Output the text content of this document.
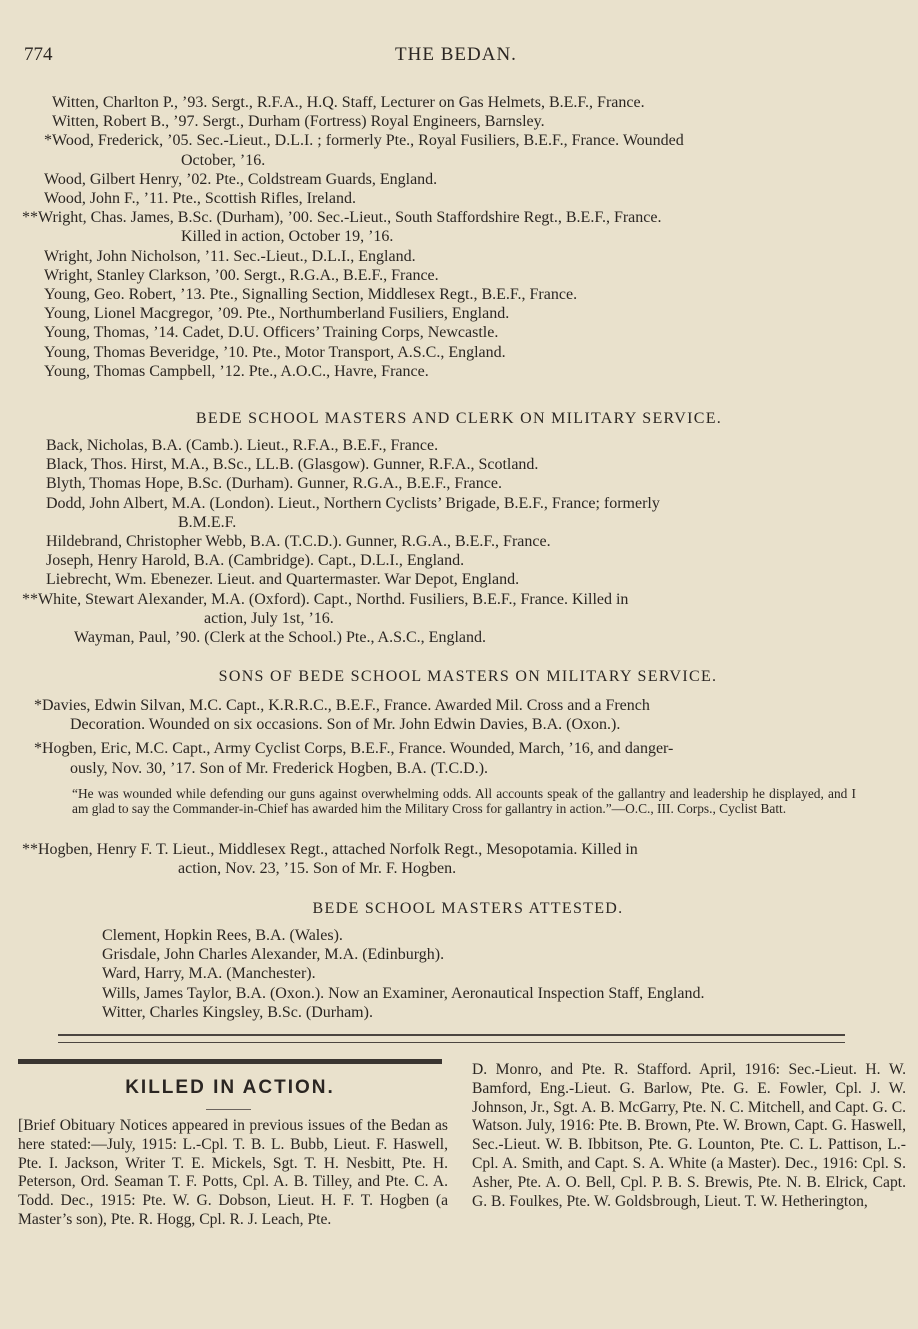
774	THE BEDAN.
Witten, Charlton P., ’93. Sergt., R.F.A., H.Q. Staff, Lecturer on Gas Helmets, B.E.F., France.
Witten, Robert B., ’97. Sergt., Durham (Fortress) Royal Engineers, Barnsley.
*Wood, Frederick, ’05. Sec.-Lieut., D.L.I. ; formerly Pte., Royal Fusiliers, B.E.F., France. Wounded
October, ’16.
Wood, Gilbert Henry, ’02. Pte., Coldstream Guards, England.
Wood, John F., ’11. Pte., Scottish Rifles, Ireland.
**Wright, Chas. James, B.Sc. (Durham), ’00. Sec.-Lieut., South Staffordshire Regt., B.E.F., France.
Killed in action, October 19, ’16.
Wright, John Nicholson, ’11. Sec.-Lieut., D.L.I., England.
Wright, Stanley Clarkson, ’00. Sergt., R.G.A., B.E.F., France.
Young, Geo. Robert, ’13. Pte., Signalling Section, Middlesex Regt., B.E.F., France.
Young, Lionel Macgregor, ’09. Pte., Northumberland Fusiliers, England.
Young, Thomas, ’14. Cadet, D.U. Officers’ Training Corps, Newcastle.
Young, Thomas Beveridge, ’10. Pte., Motor Transport, A.S.C., England.
Young, Thomas Campbell, ’12. Pte., A.O.C., Havre, France.
BEDE SCHOOL MASTERS AND CLERK ON MILITARY SERVICE.
Back, Nicholas, B.A. (Camb.). Lieut., R.F.A., B.E.F., France.
Black, Thos. Hirst, M.A., B.Sc., LL.B. (Glasgow). Gunner, R.F.A., Scotland.
Blyth, Thomas Hope, B.Sc. (Durham). Gunner, R.G.A., B.E.F., France.
Dodd, John Albert, M.A. (London). Lieut., Northern Cyclists’ Brigade, B.E.F., France; formerly
B.M.E.F.
Hildebrand, Christopher Webb, B.A. (T.C.D.). Gunner, R.G.A., B.E.F., France.
Joseph, Henry Harold, B.A. (Cambridge). Capt., D.L.I., England.
Liebrecht, Wm. Ebenezer. Lieut. and Quartermaster. War Depot, England.
**White, Stewart Alexander, M.A. (Oxford). Capt., Northd. Fusiliers, B.E.F., France. Killed in
action, July 1st, ’16.
Wayman, Paul, ’90. (Clerk at the School.) Pte., A.S.C., England.
SONS OF BEDE SCHOOL MASTERS ON MILITARY SERVICE.
*Davies, Edwin Silvan, M.C. Capt., K.R.R.C., B.E.F., France. Awarded Mil. Cross and a French
Decoration. Wounded on six occasions. Son of Mr. John Edwin Davies, B.A. (Oxon.).
*Hogben, Eric, M.C. Capt., Army Cyclist Corps, B.E.F., France. Wounded, March, ’16, and danger-
ously, Nov. 30, ’17. Son of Mr. Frederick Hogben, B.A. (T.C.D.).
“He was wounded while defending our guns against overwhelming odds. All accounts speak of the gallantry and leadership he displayed, and I am glad to say the Commander-in-Chief has awarded him the Military Cross for gallantry in action.”—O.C., III. Corps., Cyclist Batt.
**Hogben, Henry F. T. Lieut., Middlesex Regt., attached Norfolk Regt., Mesopotamia. Killed in
action, Nov. 23, ’15. Son of Mr. F. Hogben.
BEDE SCHOOL MASTERS ATTESTED.
Clement, Hopkin Rees, B.A. (Wales).
Grisdale, John Charles Alexander, M.A. (Edinburgh).
Ward, Harry, M.A. (Manchester).
Wills, James Taylor, B.A. (Oxon.). Now an Examiner, Aeronautical Inspection Staff, England.
Witter, Charles Kingsley, B.Sc. (Durham).
KILLED IN ACTION.
[Brief Obituary Notices appeared in previous issues of the Bedan as here stated:—July, 1915: L.-Cpl. T. B. L. Bubb, Lieut. F. Haswell, Pte. I. Jackson, Writer T. E. Mickels, Sgt. T. H. Nesbitt, Pte. H. Peterson, Ord. Seaman T. F. Potts, Cpl. A. B. Tilley, and Pte. C. A. Todd. Dec., 1915: Pte. W. G. Dobson, Lieut. H. F. T. Hogben (a Master’s son), Pte. R. Hogg, Cpl. R. J. Leach, Pte.
D. Monro, and Pte. R. Stafford. April, 1916: Sec.-Lieut. H. W. Bamford, Eng.-Lieut. G. Barlow, Pte. G. E. Fowler, Cpl. J. W. Johnson, Jr., Sgt. A. B. McGarry, Pte. N. C. Mitchell, and Capt. G. C. Watson. July, 1916: Pte. B. Brown, Pte. W. Brown, Capt. G. Haswell, Sec.-Lieut. W. B. Ibbitson, Pte. G. Lounton, Pte. C. L. Pattison, L.-Cpl. A. Smith, and Capt. S. A. White (a Master). Dec., 1916: Cpl. S. Asher, Pte. A. O. Bell, Cpl. P. B. S. Brewis, Pte. N. B. Elrick, Capt. G. B. Foulkes, Pte. W. Goldsbrough, Lieut. T. W. Hetherington,
